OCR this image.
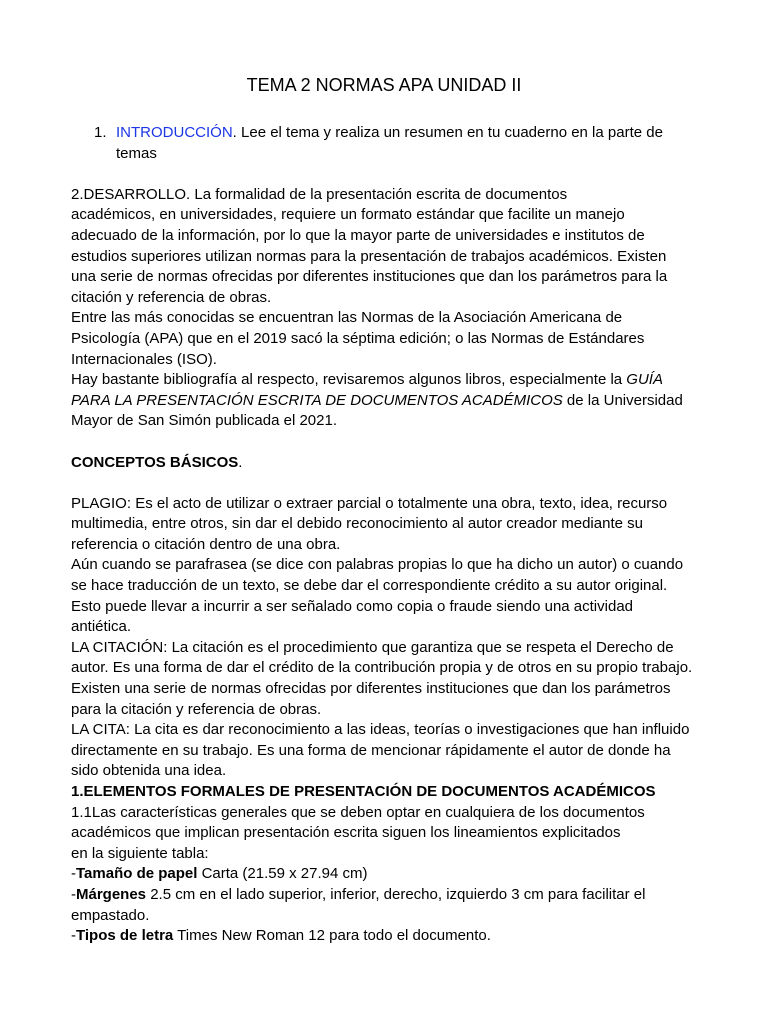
TEMA 2 NORMAS APA UNIDAD II
1. INTRODUCCIÓN. Lee el tema y realiza un resumen en tu cuaderno en la parte de
temas

2.DESARROLLO. La formalidad de la presentación escrita de documentos
académicos, en universidades, requiere un formato estándar que facilite un manejo
adecuado de la información, por lo que la mayor parte de universidades e institutos de
estudios superiores utilizan normas para la presentación de trabajos académicos. Existen
una serie de normas ofrecidas por diferentes instituciones que dan los parámetros para la
citación y referencia de obras.

Entre las más conocidas se encuentran las Normas de la Asociación Americana de
Psicología (APA) que en el 2019 sacó la séptima edición; o las Normas de Estándares
Internacionales (ISO).

Hay bastante bibliografía al respecto, revisaremos algunos libros, especialmente la GUÍA
PARA LA PRESENTACIÓN ESCRITA DE DOCUMENTOS ACADÉMICOS de la Universidad
Mayor de San Simón publicada el 2021.

CONCEPTOS BÁSICOS.

PLAGIO: Es el acto de utilizar o extraer parcial o totalmente una obra, texto, idea, recurso
multimedia, entre otros, sin dar el debido reconocimiento al autor creador mediante su
referencia o citación dentro de una obra.
Aún cuando se parafrasea (se dice con palabras propias lo que ha dicho un autor) o cuando
se hace traducción de un texto, se debe dar el correspondiente crédito a su autor original.
Esto puede llevar a incurrir a ser señalado como copia o fraude siendo una actividad
antiética.
LA CITACIÓN: La citación es el procedimiento que garantiza que se respeta el Derecho de
autor. Es una forma de dar el crédito de la contribución propia y de otros en su propio trabajo.
Existen una serie de normas ofrecidas por diferentes instituciones que dan los parámetros
para la citación y referencia de obras.
LA CITA: La cita es dar reconocimiento a las ideas, teorías o investigaciones que han influido
directamente en su trabajo. Es una forma de mencionar rápidamente el autor de donde ha
sido obtenida una idea.

1.ELEMENTOS FORMALES DE PRESENTACIÓN DE DOCUMENTOS ACADÉMICOS

1.1Las características generales que se deben optar en cualquiera de los documentos
académicos que implican presentación escrita siguen los lineamientos explicitados
en la siguiente tabla:

-Tamaño de papel Carta (21.59 x 27.94 cm)

-Márgenes 2.5 cm en el lado superior, inferior, derecho, izquierdo 3 cm para facilitar el
empastado.

-Tipos de letra Times New Roman 12 para todo el documento.
